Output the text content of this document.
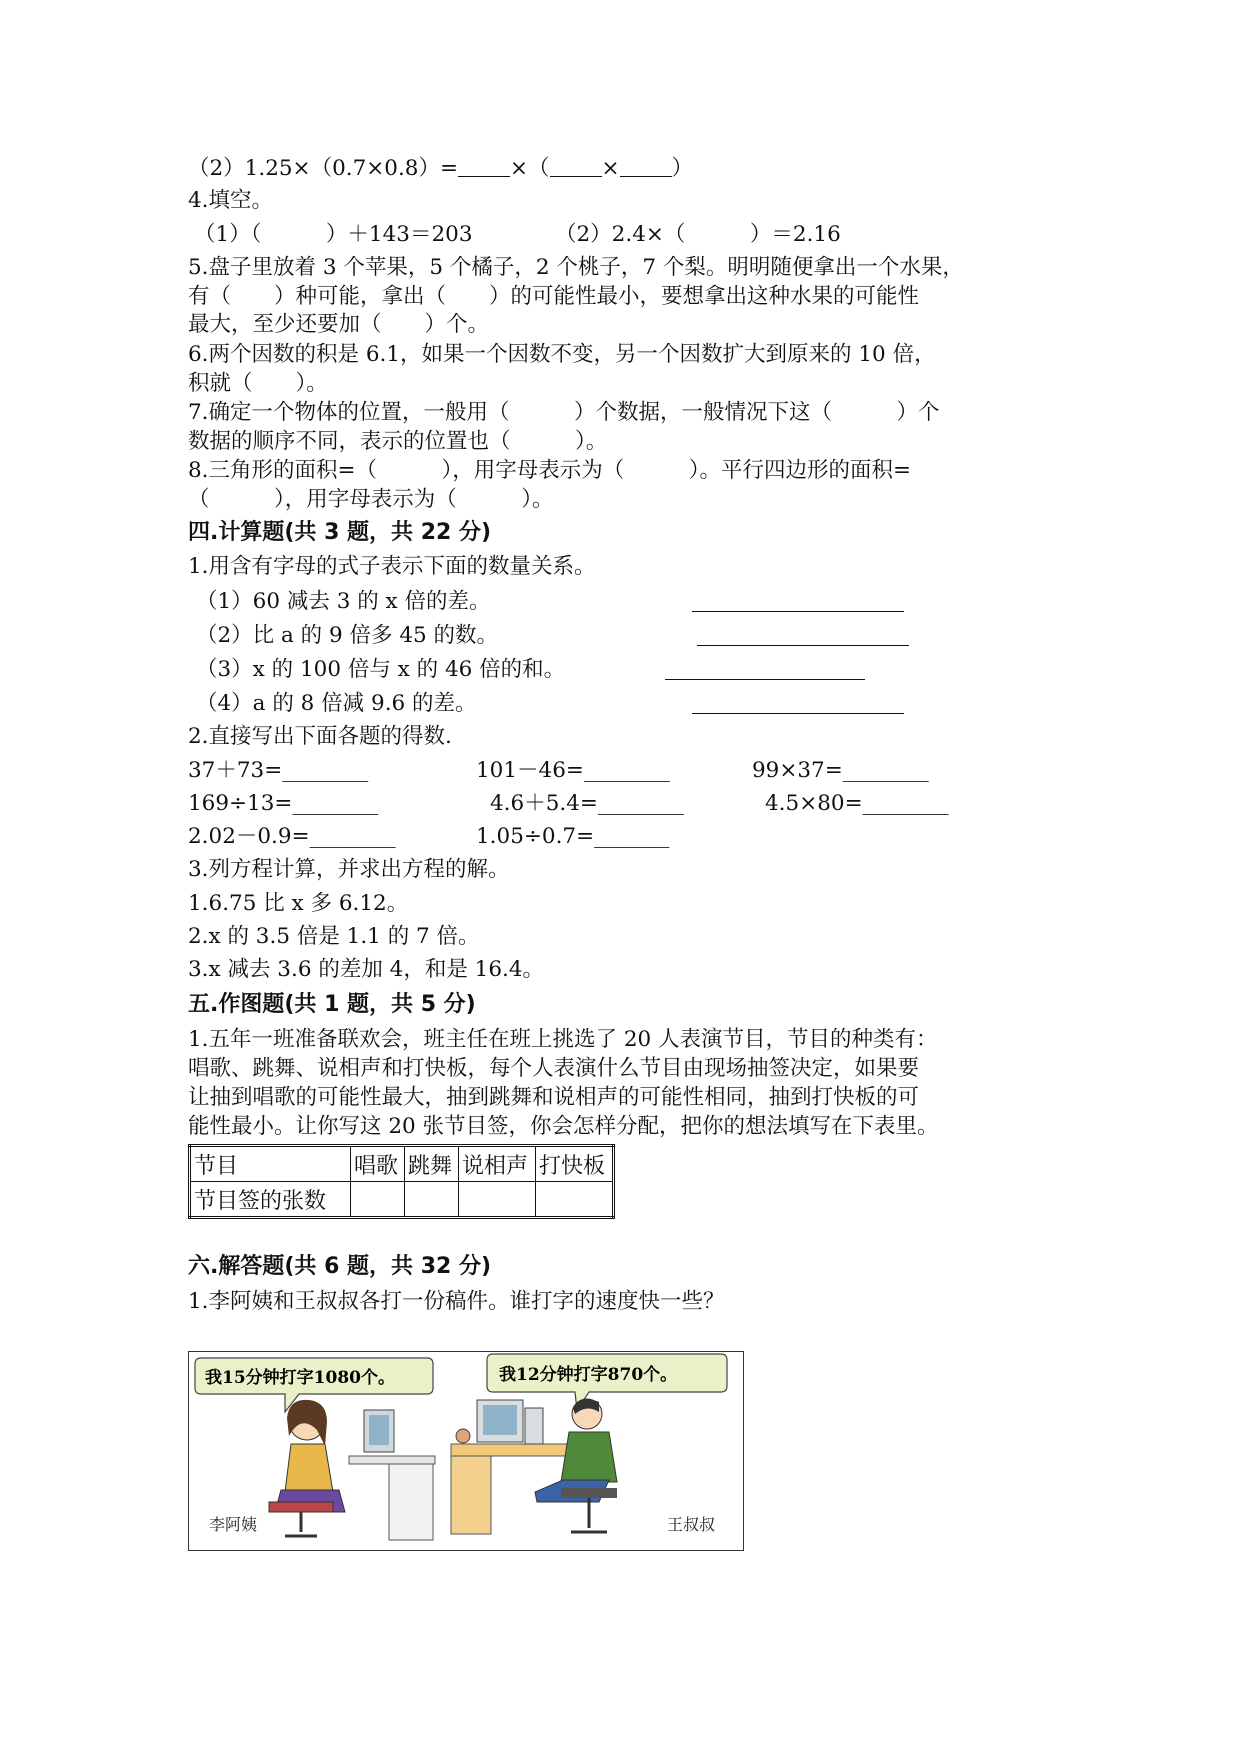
（2）1.25×（0.7×0.8）= ×（ × ）
4.填空。
（1）（　　　）＋143＝203	（2）2.4×（　　　）＝2.16
5.盘子里放着 3 个苹果，5 个橘子，2 个桃子，7 个梨。明明随便拿出一个水果，
有（　　）种可能，拿出（　　）的可能性最小，要想拿出这种水果的可能性
最大，至少还要加（　　）个。
6.两个因数的积是 6.1，如果一个因数不变，另一个因数扩大到原来的 10 倍，
积就（　　）。
7.确定一个物体的位置，一般用（　　　）个数据，一般情况下这（　　　）个
数据的顺序不同，表示的位置也（　　　）。
8.三角形的面积=（　　　），用字母表示为（　　　）。平行四边形的面积=
（　　　），用字母表示为（　　　）。
四.计算题(共 3 题，共 22 分)
1.用含有字母的式子表示下面的数量关系。
（1）60 减去 3 的 x 倍的差。
（2）比 a 的 9 倍多 45 的数。
（3）x 的 100 倍与 x 的 46 倍的和。
（4）a 的 8 倍减 9.6 的差。
2.直接写出下面各题的得数.
37＋73=________	101－46=________	99×37=________
169÷13=________	4.6＋5.4=________	4.5×80=________
2.02－0.9=________	1.05÷0.7=_______
3.列方程计算，并求出方程的解。
1.6.75 比 x 多 6.12。
2.x 的 3.5 倍是 1.1 的 7 倍。
3.x 减去 3.6 的差加 4，和是 16.4。
五.作图题(共 1 题，共 5 分)
1.五年一班准备联欢会，班主任在班上挑选了 20 人表演节目，节目的种类有：
唱歌、跳舞、说相声和打快板，每个人表演什么节目由现场抽签决定，如果要
让抽到唱歌的可能性最大，抽到跳舞和说相声的可能性相同，抽到打快板的可
能性最小。让你写这 20 张节目签，你会怎样分配，把你的想法填写在下表里。
节目	唱歌	跳舞	说相声	打快板
节目签的张数				
六.解答题(共 6 题，共 32 分)
1.李阿姨和王叔叔各打一份稿件。谁打字的速度快一些？
我15分钟打字1080个。	我12分钟打字870个。
李阿姨	王叔叔
